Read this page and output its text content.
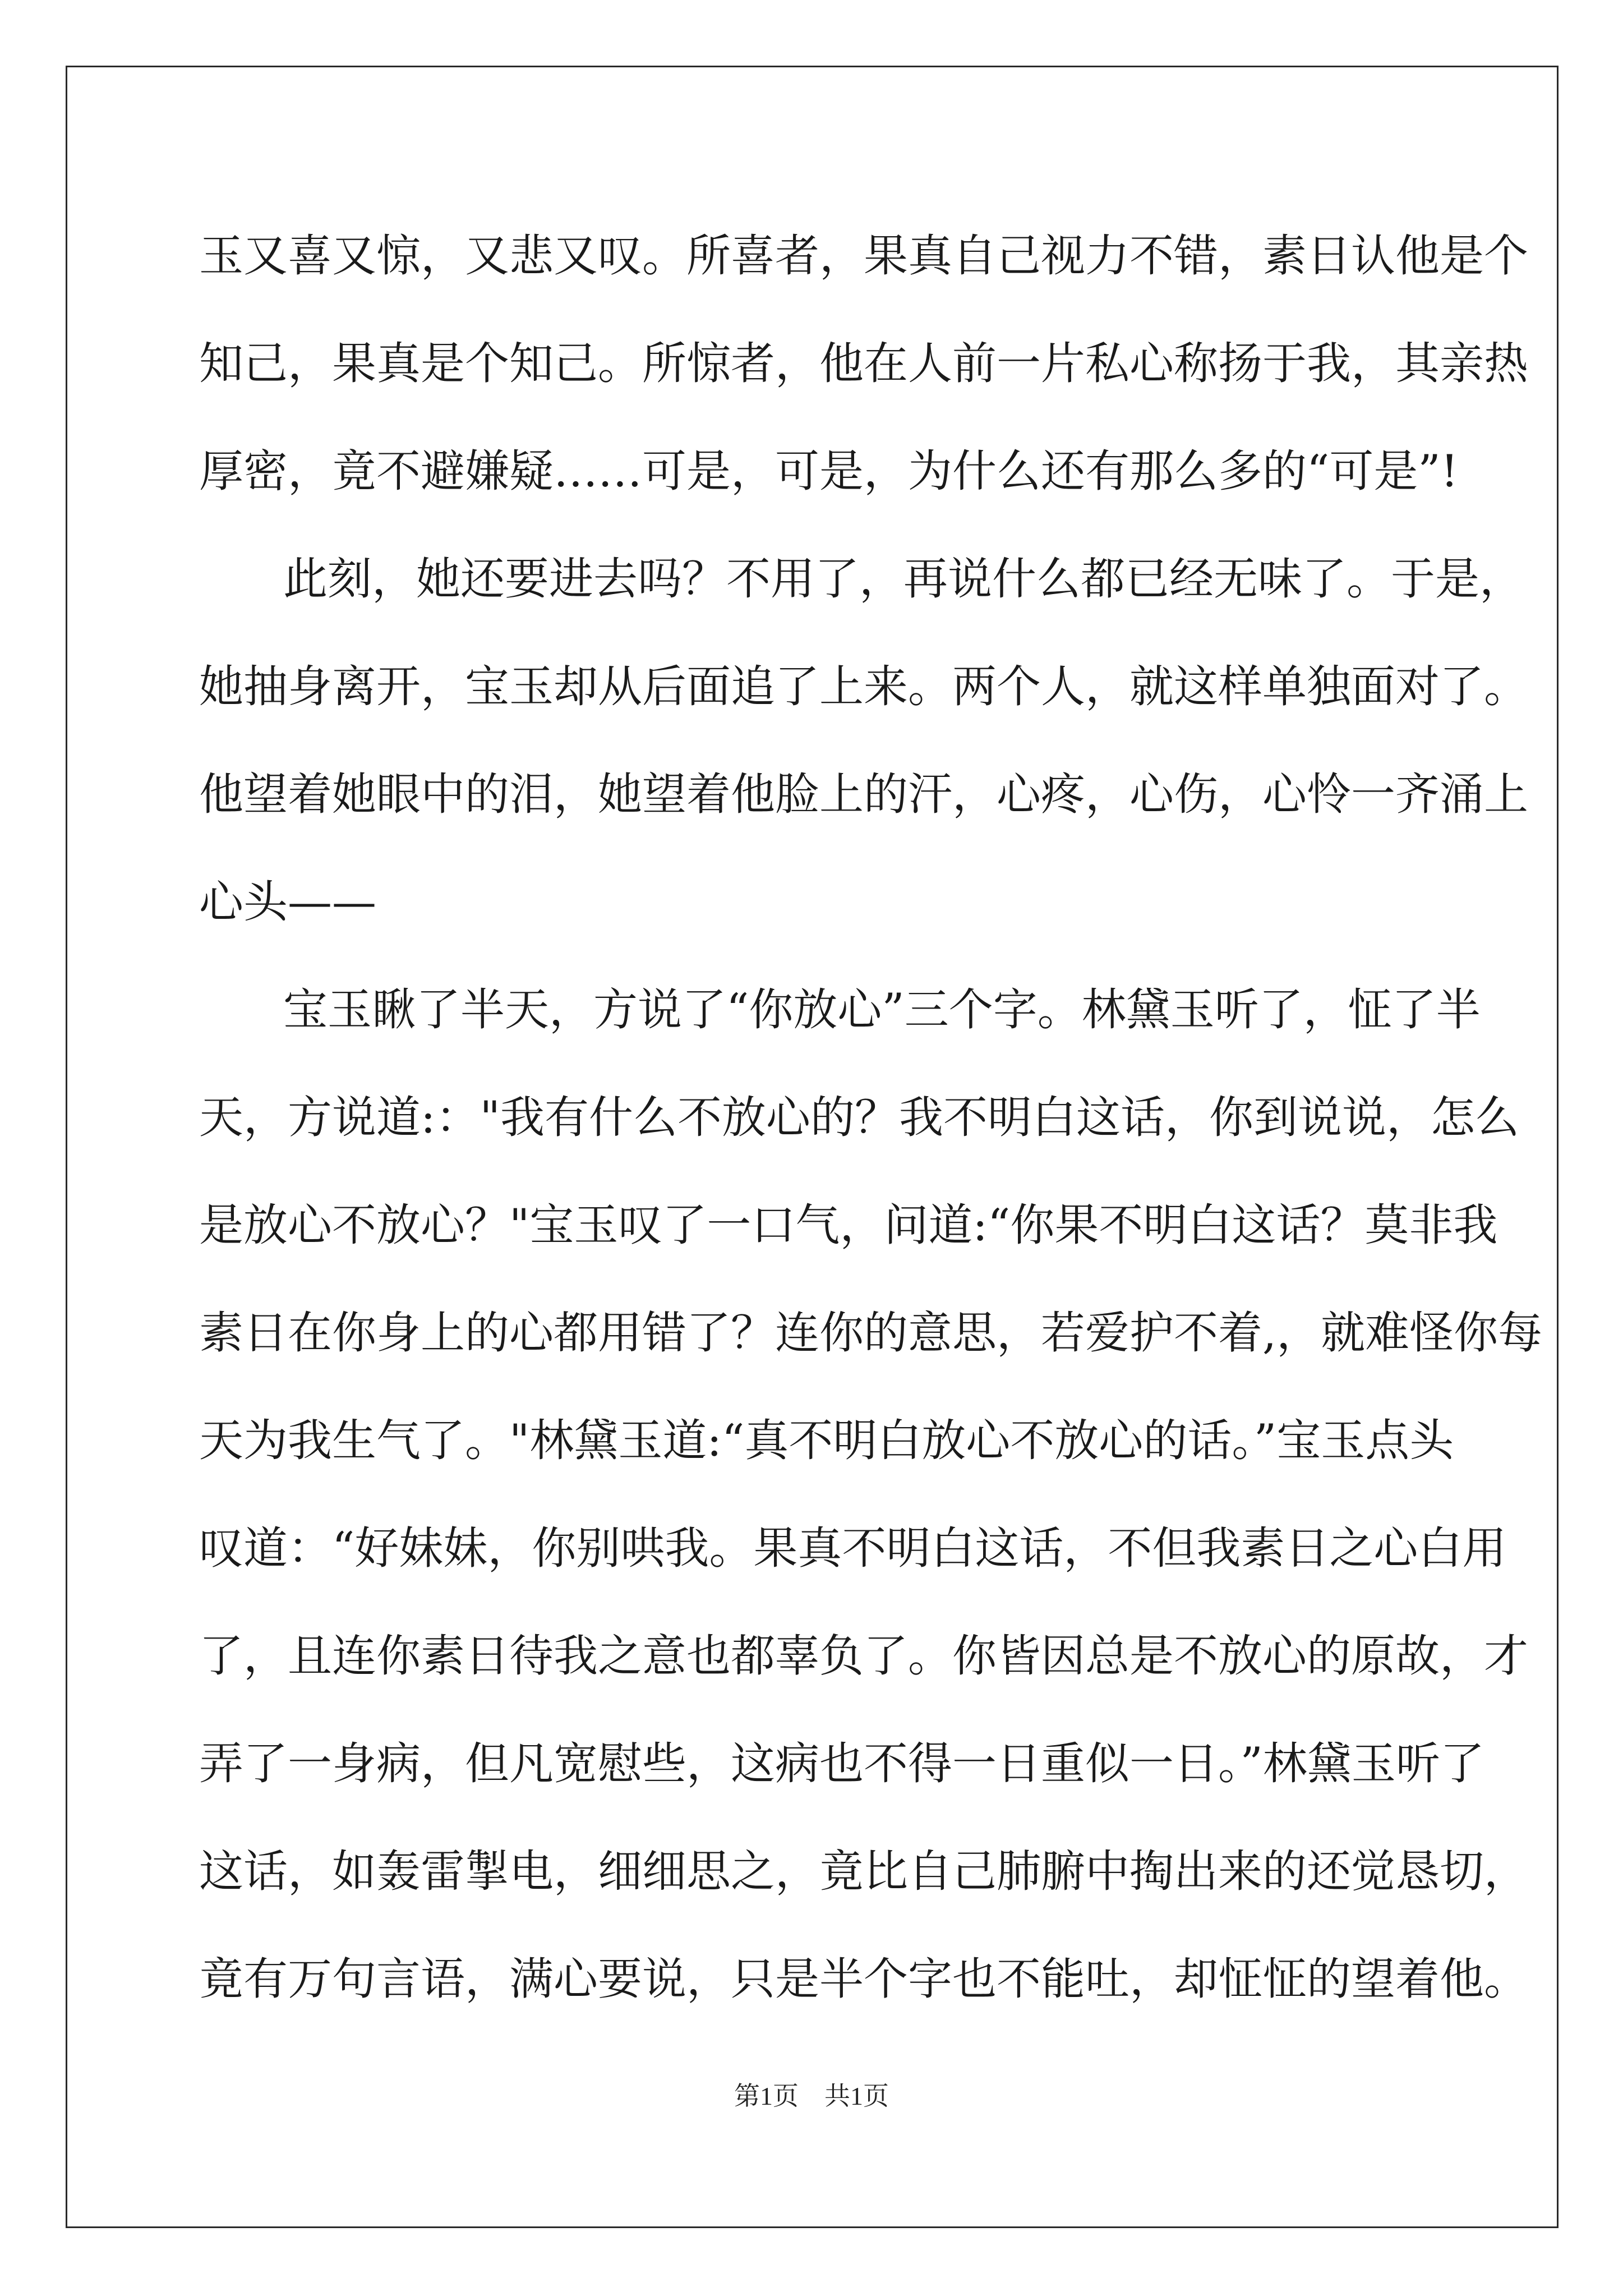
玉又喜又惊，又悲又叹。所喜者，果真自己视力不错，素日认他是个
知己，果真是个知己。所惊者，他在人前一片私心称扬于我，其亲热
厚密，竟不避嫌疑……可是，可是，为什么还有那么多的“可是”!
此刻，她还要进去吗？不用了，再说什么都已经无味了。于是，
她抽身离开，宝玉却从后面追了上来。两个人，就这样单独面对了。
他望着她眼中的泪，她望着他脸上的汗，心疼，心伤，心怜一齐涌上
心头——
宝玉瞅了半天，方说了“你放心”三个字。林黛玉听了，怔了半
天，方说道:："我有什么不放心的？我不明白这话，你到说说，怎么
是放心不放心？"宝玉叹了一口气，问道:“你果不明白这话？莫非我
素日在你身上的心都用错了？连你的意思，若爱护不着,，就难怪你每
天为我生气了。"林黛玉道:“真不明白放心不放心的话。”宝玉点头
叹道：“好妹妹，你别哄我。果真不明白这话，不但我素日之心白用
了，且连你素日待我之意也都辜负了。你皆因总是不放心的原故，才
弄了一身病，但凡宽慰些，这病也不得一日重似一日。”林黛玉听了
这话，如轰雷掣电，细细思之，竟比自己肺腑中掏出来的还觉恳切，
竟有万句言语，满心要说，只是半个字也不能吐，却怔怔的望着他。
第1页　共1页
